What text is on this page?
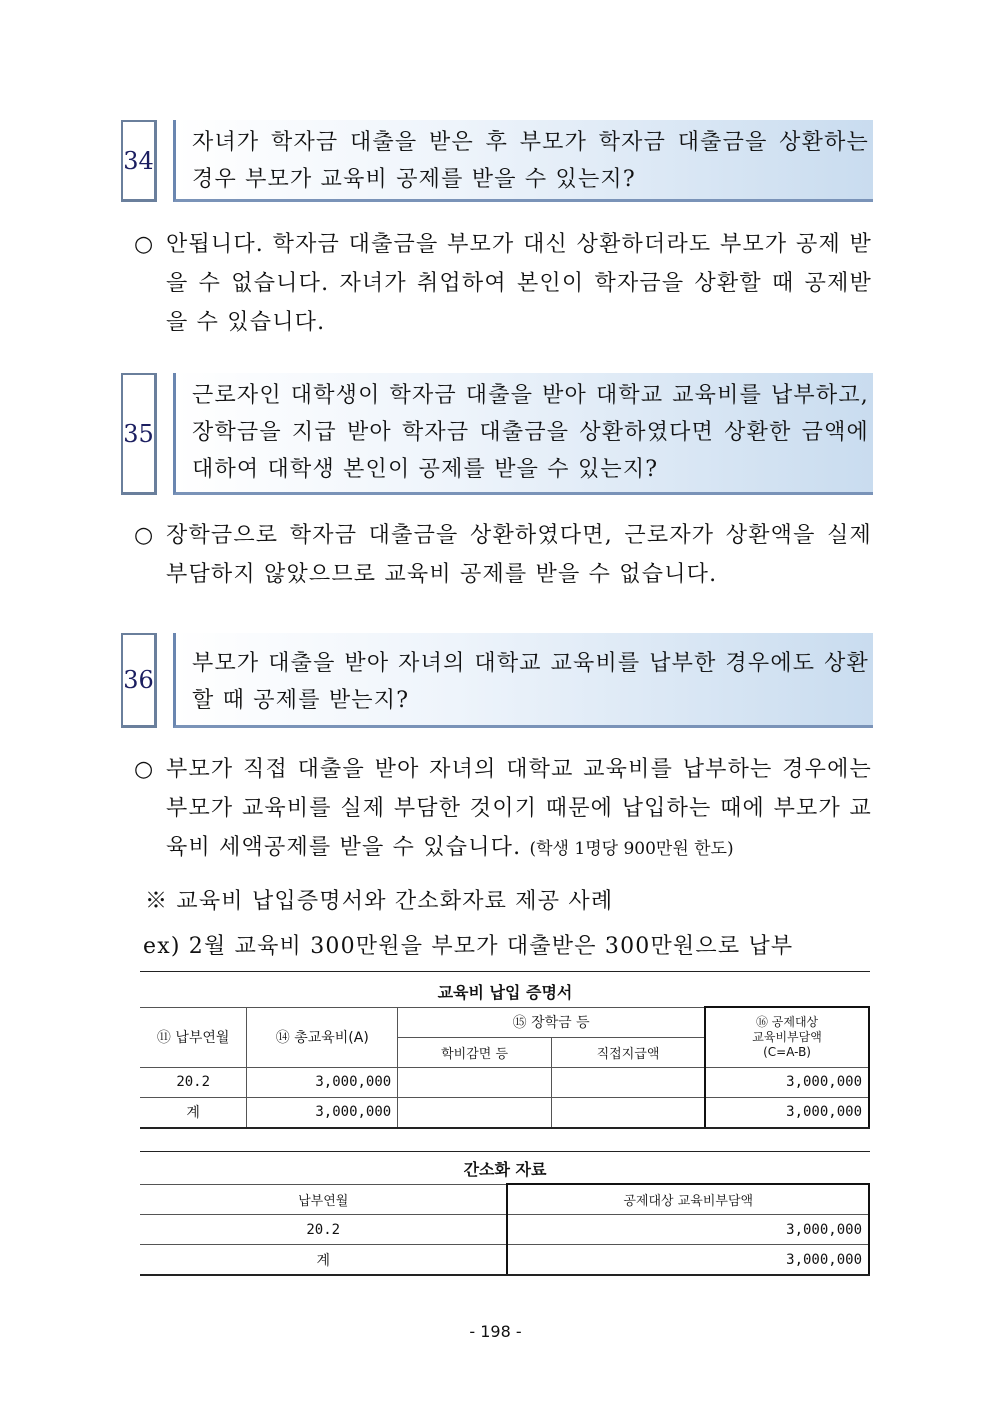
34
자녀가 학자금 대출을 받은 후 부모가 학자금 대출금을 상환하는 경우 부모가 교육비 공제를 받을 수 있는지?
○ 안됩니다. 학자금 대출금을 부모가 대신 상환하더라도 부모가 공제 받을 수 없습니다. 자녀가 취업하여 본인이 학자금을 상환할 때 공제받을 수 있습니다.
35
근로자인 대학생이 학자금 대출을 받아 대학교 교육비를 납부하고, 장학금을 지급 받아 학자금 대출금을 상환하였다면 상환한 금액에 대하여 대학생 본인이 공제를 받을 수 있는지?
○ 장학금으로 학자금 대출금을 상환하였다면, 근로자가 상환액을 실제 부담하지 않았으므로 교육비 공제를 받을 수 없습니다.
36
부모가 대출을 받아 자녀의 대학교 교육비를 납부한 경우에도 상환할 때 공제를 받는지?
○ 부모가 직접 대출을 받아 자녀의 대학교 교육비를 납부하는 경우에는 부모가 교육비를 실제 부담한 것이기 때문에 납입하는 때에 부모가 교육비 세액공제를 받을 수 있습니다. (학생 1명당 900만원 한도)
※ 교육비 납입증명서와 간소화자료 제공 사례
ex) 2월 교육비 300만원을 부모가 대출받은 300만원으로 납부
교육비 납입 증명서
⑪ 납부연월	⑭ 총교육비(A)	⑮ 장학금 등		⑯ 공제대상
교육비부담액
(C=A-B)

		학비감면 등	직접지급액	
20.2	3,000,000			3,000,000
계	3,000,000			3,000,000
간소화 자료
납부연월	공제대상 교육비부담액
20.2	3,000,000
계	3,000,000
- 198 -
